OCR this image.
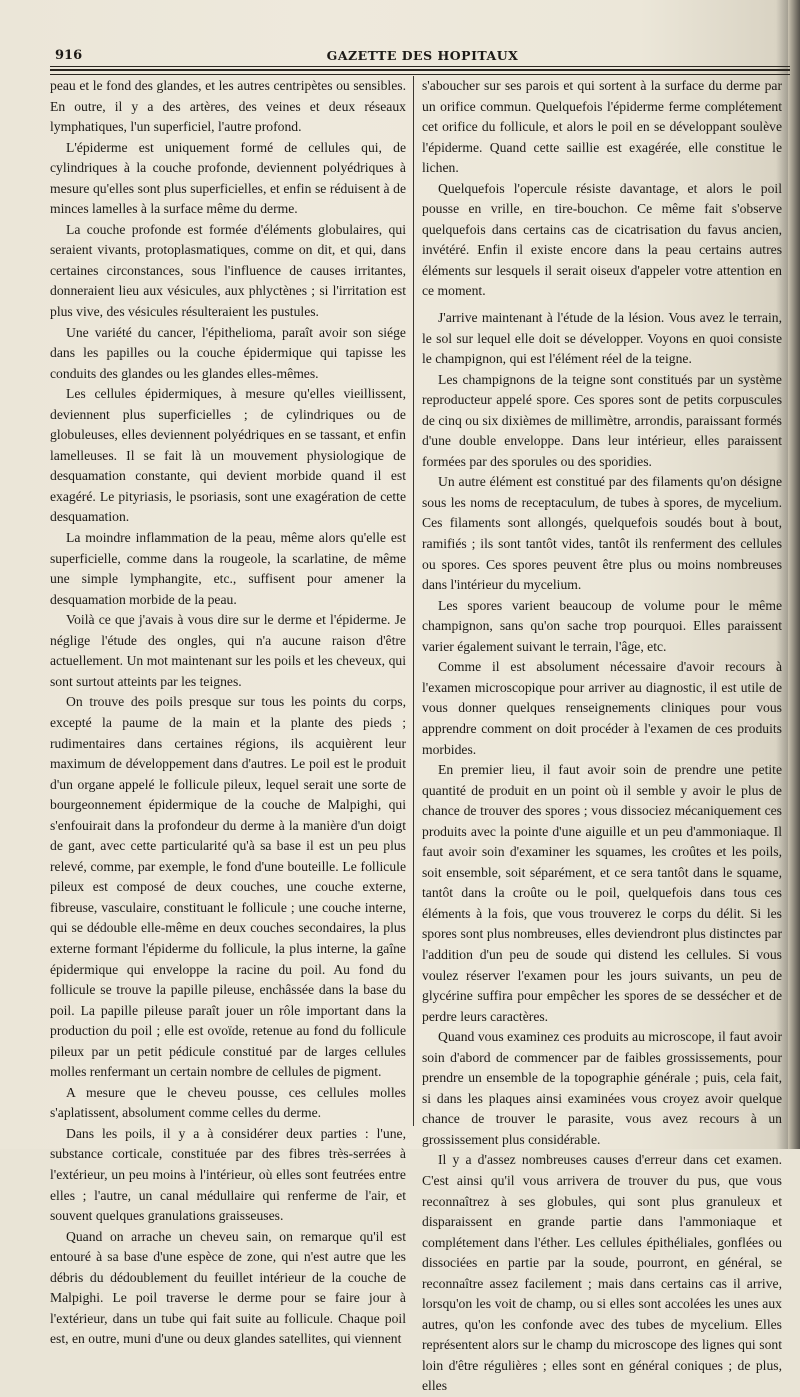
916	GAZETTE DES HOPITAUX

peau et le fond des glandes, et les autres centripètes ou sensibles. En outre, il y a des artères, des veines et deux réseaux lymphatiques, l'un superficiel, l'autre profond.

L'épiderme est uniquement formé de cellules qui, de cylindriques à la couche profonde, deviennent polyédriques à mesure qu'elles sont plus superficielles, et enfin se réduisent à de minces lamelles à la surface même du derme.

La couche profonde est formée d'éléments globulaires, qui seraient vivants, protoplasmatiques, comme on dit, et qui, dans certaines circonstances, sous l'influence de causes irritantes, donneraient lieu aux vésicules, aux phlyctènes ; si l'irritation est plus vive, des vésicules résulteraient les pustules.

Une variété du cancer, l'épithelioma, paraît avoir son siége dans les papilles ou la couche épidermique qui tapisse les conduits des glandes ou les glandes elles-mêmes.

Les cellules épidermiques, à mesure qu'elles vieillissent, deviennent plus superficielles ; de cylindriques ou de globuleuses, elles deviennent polyédriques en se tassant, et enfin lamelleuses. Il se fait là un mouvement physiologique de desquamation constante, qui devient morbide quand il est exagéré. Le pityriasis, le psoriasis, sont une exagération de cette desquamation.

La moindre inflammation de la peau, même alors qu'elle est superficielle, comme dans la rougeole, la scarlatine, de même une simple lymphangite, etc., suffisent pour amener la desquamation morbide de la peau.

Voilà ce que j'avais à vous dire sur le derme et l'épiderme. Je néglige l'étude des ongles, qui n'a aucune raison d'être actuellement. Un mot maintenant sur les poils et les cheveux, qui sont surtout atteints par les teignes.

On trouve des poils presque sur tous les points du corps, excepté la paume de la main et la plante des pieds ; rudimentaires dans certaines régions, ils acquièrent leur maximum de développement dans d'autres. Le poil est le produit d'un organe appelé le follicule pileux, lequel serait une sorte de bourgeonnement épidermique de la couche de Malpighi, qui s'enfouirait dans la profondeur du derme à la manière d'un doigt de gant, avec cette particularité qu'à sa base il est un peu plus relevé, comme, par exemple, le fond d'une bouteille. Le follicule pileux est composé de deux couches, une couche externe, fibreuse, vasculaire, constituant le follicule ; une couche interne, qui se dédouble elle-même en deux couches secondaires, la plus externe formant l'épiderme du follicule, la plus interne, la gaîne épidermique qui enveloppe la racine du poil. Au fond du follicule se trouve la papille pileuse, enchâssée dans la base du poil. La papille pileuse paraît jouer un rôle important dans la production du poil ; elle est ovoïde, retenue au fond du follicule pileux par un petit pédicule constitué par de larges cellules molles renfermant un certain nombre de cellules de pigment.

A mesure que le cheveu pousse, ces cellules molles s'aplatissent, absolument comme celles du derme.

Dans les poils, il y a à considérer deux parties : l'une, substance corticale, constituée par des fibres très-serrées à l'extérieur, un peu moins à l'intérieur, où elles sont feutrées entre elles ; l'autre, un canal médullaire qui renferme de l'air, et souvent quelques granulations graisseuses.

Quand on arrache un cheveu sain, on remarque qu'il est entouré à sa base d'une espèce de zone, qui n'est autre que les débris du dédoublement du feuillet intérieur de la couche de Malpighi. Le poil traverse le derme pour se faire jour à l'extérieur, dans un tube qui fait suite au follicule. Chaque poil est, en outre, muni d'une ou deux glandes satellites, qui viennent

s'aboucher sur ses parois et qui sortent à la surface du derme par un orifice commun. Quelquefois l'épiderme ferme complétement cet orifice du follicule, et alors le poil en se développant soulève l'épiderme. Quand cette saillie est exagérée, elle constitue le lichen.

Quelquefois l'opercule résiste davantage, et alors le poil pousse en vrille, en tire-bouchon. Ce même fait s'observe quelquefois dans certains cas de cicatrisation du favus ancien, invétéré. Enfin il existe encore dans la peau certains autres éléments sur lesquels il serait oiseux d'appeler votre attention en ce moment.

J'arrive maintenant à l'étude de la lésion. Vous avez le terrain, le sol sur lequel elle doit se développer. Voyons en quoi consiste le champignon, qui est l'élément réel de la teigne.

Les champignons de la teigne sont constitués par un système reproducteur appelé spore. Ces spores sont de petits corpuscules de cinq ou six dixièmes de millimètre, arrondis, paraissant formés d'une double enveloppe. Dans leur intérieur, elles paraissent formées par des sporules ou des sporidies.

Un autre élément est constitué par des filaments qu'on désigne sous les noms de receptaculum, de tubes à spores, de mycelium. Ces filaments sont allongés, quelquefois soudés bout à bout, ramifiés ; ils sont tantôt vides, tantôt ils renferment des cellules ou spores. Ces spores peuvent être plus ou moins nombreuses dans l'intérieur du mycelium.

Les spores varient beaucoup de volume pour le même champignon, sans qu'on sache trop pourquoi. Elles paraissent varier également suivant le terrain, l'âge, etc.

Comme il est absolument nécessaire d'avoir recours à l'examen microscopique pour arriver au diagnostic, il est utile de vous donner quelques renseignements cliniques pour vous apprendre comment on doit procéder à l'examen de ces produits morbides.

En premier lieu, il faut avoir soin de prendre une petite quantité de produit en un point où il semble y avoir le plus de chance de trouver des spores ; vous dissociez mécaniquement ces produits avec la pointe d'une aiguille et un peu d'ammoniaque. Il faut avoir soin d'examiner les squames, les croûtes et les poils, soit ensemble, soit séparément, et ce sera tantôt dans le squame, tantôt dans la croûte ou le poil, quelquefois dans tous ces éléments à la fois, que vous trouverez le corps du délit. Si les spores sont plus nombreuses, elles deviendront plus distinctes par l'addition d'un peu de soude qui distend les cellules. Si vous voulez réserver l'examen pour les jours suivants, un peu de glycérine suffira pour empêcher les spores de se dessécher et de perdre leurs caractères.

Quand vous examinez ces produits au microscope, il faut avoir soin d'abord de commencer par de faibles grossissements, pour prendre un ensemble de la topographie générale ; puis, cela fait, si dans les plaques ainsi examinées vous croyez avoir quelque chance de trouver le parasite, vous avez recours à un grossissement plus considérable.

Il y a d'assez nombreuses causes d'erreur dans cet examen. C'est ainsi qu'il vous arrivera de trouver du pus, que vous reconnaîtrez à ses globules, qui sont plus granuleux et disparaissent en grande partie dans l'ammoniaque et complétement dans l'éther. Les cellules épithéliales, gonflées ou dissociées en partie par la soude, pourront, en général, se reconnaître assez facilement ; mais dans certains cas il arrive, lorsqu'on les voit de champ, ou si elles sont accolées les unes aux autres, qu'on les confonde avec des tubes de mycelium. Elles représentent alors sur le champ du microscope des lignes qui sont loin d'être régulières ; elles sont en général coniques ; de plus, elles
